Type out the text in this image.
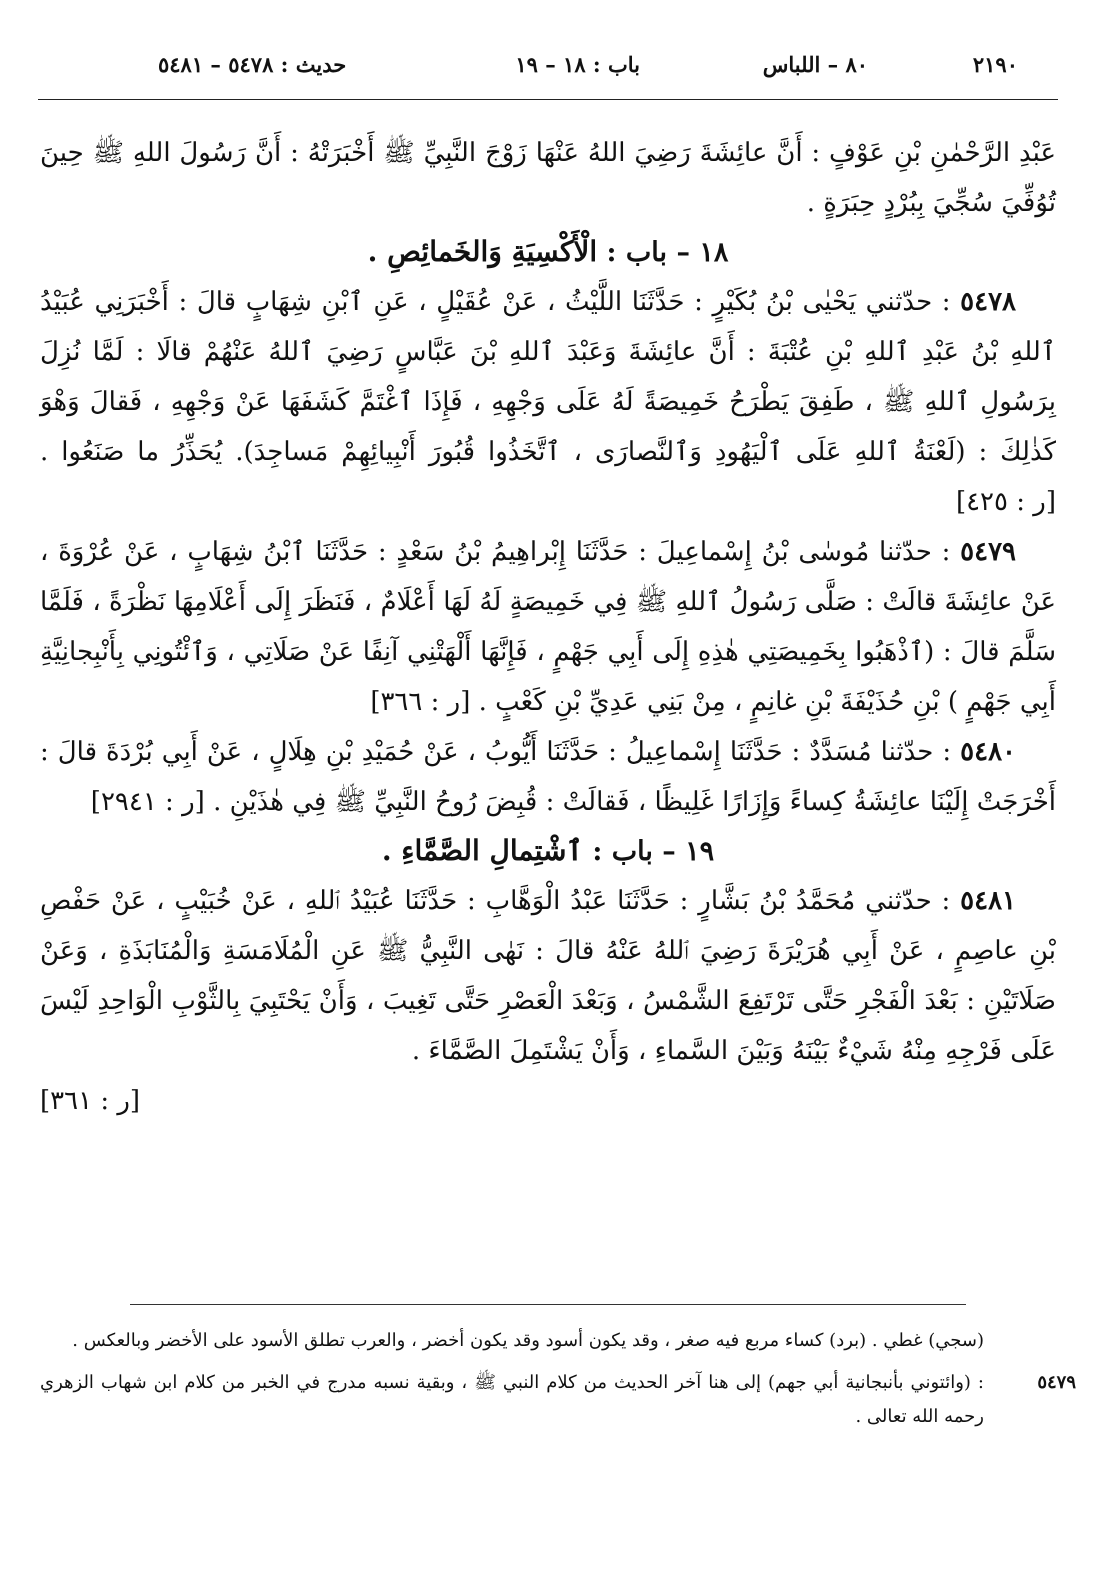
٢١٩٠
٨٠ – اللباس
باب : ١٨ – ١٩
حديث : ٥٤٧٨ – ٥٤٨١

عَبْدِ الرَّحْمٰنِ بْنِ عَوْفٍ : أَنَّ عائِشَةَ رَضِيَ اللهُ عَنْهَا زَوْجَ النَّبِيِّ ﷺ أَخْبَرَتْهُ : أَنَّ رَسُولَ اللهِ ﷺ حِينَ تُوُفِّيَ سُجِّيَ بِبُرْدٍ حِبَرَةٍ .

١٨ – باب : الْأَكْسِيَةِ وَالخَمائِصِ .

٥٤٧٨ : حدّثني يَحْيٰى بْنُ بُكَيْرٍ : حَدَّثَنَا اللَّيْثُ ، عَنْ عُقَيْلٍ ، عَنِ ٱبْنِ شِهَابٍ قالَ : أَخْبَرَنِي عُبَيْدُ ٱللهِ بْنُ عَبْدِ ٱللهِ بْنِ عُتْبَةَ : أَنَّ عائِشَةَ وَعَبْدَ ٱللهِ بْنَ عَبَّاسٍ رَضِيَ ٱللهُ عَنْهُمْ قالَا : لَمَّا نُزِلَ بِرَسُولِ ٱللهِ ﷺ ، طَفِقَ يَطْرَحُ خَمِيصَةً لَهُ عَلَى وَجْهِهِ ، فَإِذَا ٱغْتَمَّ كَشَفَهَا عَنْ وَجْهِهِ ، فَقالَ وَهْوَ كَذٰلِكَ : (لَعْنَةُ ٱللهِ عَلَى ٱلْيَهُودِ وَٱلنَّصارَى ، ٱتَّخَذُوا قُبُورَ أَنْبِيائِهِمْ مَساجِدَ). يُحَذِّرُ ما صَنَعُوا . [ر : ٤٢٥]

٥٤٧٩ : حدّثنا مُوسٰى بْنُ إِسْماعِيلَ : حَدَّثَنَا إِبْراهِيمُ بْنُ سَعْدٍ : حَدَّثَنَا ٱبْنُ شِهَابٍ ، عَنْ عُرْوَةَ ، عَنْ عائِشَةَ قالَتْ : صَلَّى رَسُولُ ٱللهِ ﷺ فِي خَمِيصَةٍ لَهُ لَهَا أَعْلَامٌ ، فَنَظَرَ إِلَى أَعْلَامِهَا نَظْرَةً ، فَلَمَّا سَلَّمَ قالَ : (ٱذْهَبُوا بِخَمِيصَتِي هٰذِهِ إِلَى أَبِي جَهْمٍ ، فَإِنَّهَا أَلْهَتْنِي آنِفًا عَنْ صَلَاتِي ، وَٱئْتُونِي بِأَنْبِجانِيَّةِ أَبِي جَهْمٍ ) بْنِ حُذَيْفَةَ بْنِ غانِمٍ ، مِنْ بَنِي عَدِيِّ بْنِ كَعْبٍ . [ر : ٣٦٦]

٥٤٨٠ : حدّثنا مُسَدَّدٌ : حَدَّثَنَا إِسْماعِيلُ : حَدَّثَنَا أَيُّوبُ ، عَنْ حُمَيْدِ بْنِ هِلَالٍ ، عَنْ أَبِي بُرْدَةَ قالَ : أَخْرَجَتْ إِلَيْنَا عائِشَةُ كِساءً وَإِزَارًا غَلِيظًا ، فَقالَتْ : قُبِضَ رُوحُ النَّبِيِّ ﷺ فِي هٰذَيْنِ . [ر : ٢٩٤١]

١٩ – باب : ٱشْتِمالِ الصَّمَّاءِ .

٥٤٨١ : حدّثني مُحَمَّدُ بْنُ بَشَّارٍ : حَدَّثَنَا عَبْدُ الْوَهَّابِ : حَدَّثَنَا عُبَيْدُ ٱللهِ ، عَنْ خُبَيْبٍ ، عَنْ حَفْصِ بْنِ عاصِمٍ ، عَنْ أَبِي هُرَيْرَةَ رَضِيَ ٱللهُ عَنْهُ قالَ : نَهٰى النَّبِيُّ ﷺ عَنِ الْمُلَامَسَةِ وَالْمُنَابَذَةِ ، وَعَنْ صَلَاتَيْنِ : بَعْدَ الْفَجْرِ حَتَّى تَرْتَفِعَ الشَّمْسُ ، وَبَعْدَ الْعَصْرِ حَتَّى تَغِيبَ ، وَأَنْ يَحْتَبِيَ بِالثَّوْبِ الْوَاحِدِ لَيْسَ عَلَى فَرْجِهِ مِنْهُ شَيْءٌ بَيْنَهُ وَبَيْنَ السَّماءِ ، وَأَنْ يَشْتَمِلَ الصَّمَّاءَ .

[ر : ٣٦١]

(سجي) غطي . (برد) كساء مربع فيه صغر ، وقد يكون أسود وقد يكون أخضر ، والعرب تطلق الأسود على الأخضر وبالعكس .

٥٤٧٩
: (وائتوني بأنبجانية أبي جهم) إلى هنا آخر الحديث من كلام النبي ﷺ ، وبقية نسبه مدرج في الخبر من كلام ابن شهاب الزهري رحمه الله تعالى .
